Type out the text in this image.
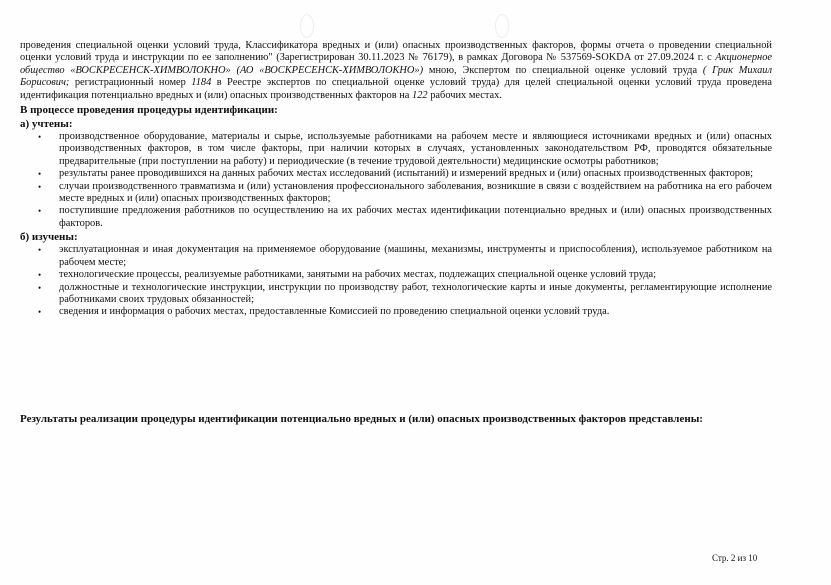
проведения специальной оценки условий труда, Классификатора вредных и (или) опасных производственных факторов, формы отчета о проведении специальной оценки условий труда и инструкции по ее заполнению" (Зарегистрирован 30.11.2023 № 76179), в рамках Договора № 537569-SOKDA от 27.09.2024 г. с Акционерное общество «ВОСКРЕСЕНСК-ХИМВОЛОКНО» (АО «ВОСКРЕСЕНСК-ХИМВОЛОКНО») мною, Экспертом по специальной оценке условий труда ( Грик Михаил Борисович; регистрационный номер 1184 в Реестре экспертов по специальной оценке условий труда) для целей специальной оценки условий труда проведена идентификация потенциально вредных и (или) опасных производственных факторов на 122 рабочих местах.

В процессе проведения процедуры идентификации:
а) учтены:
• производственное оборудование, материалы и сырье, используемые работниками на рабочем месте и являющиеся источниками вредных и (или) опасных производственных факторов, в том числе факторы, при наличии которых в случаях, установленных законодательством РФ, проводятся обязательные предварительные (при поступлении на работу) и периодические (в течение трудовой деятельности) медицинские осмотры работников;
• результаты ранее проводившихся на данных рабочих местах исследований (испытаний) и измерений вредных и (или) опасных производственных факторов;
• случаи производственного травматизма и (или) установления профессионального заболевания, возникшие в связи с воздействием на работника на его рабочем месте вредных и (или) опасных производственных факторов;
• поступившие предложения работников по осуществлению на их рабочих местах идентификации потенциально вредных и (или) опасных производственных факторов.
б) изучены:
• эксплуатационная и иная документация на применяемое оборудование (машины, механизмы, инструменты и приспособления), используемое работником на рабочем месте;
• технологические процессы, реализуемые работниками, занятыми на рабочих местах, подлежащих специальной оценке условий труда;
• должностные и технологические инструкции, инструкции по производству работ, технологические карты и иные документы, регламентирующие исполнение работниками своих трудовых обязанностей;
• сведения и информация о рабочих местах, предоставленные Комиссией по проведению специальной оценки условий труда.
Результаты реализации процедуры идентификации потенциально вредных и (или) опасных производственных факторов представлены:
Стр. 2 из 10
